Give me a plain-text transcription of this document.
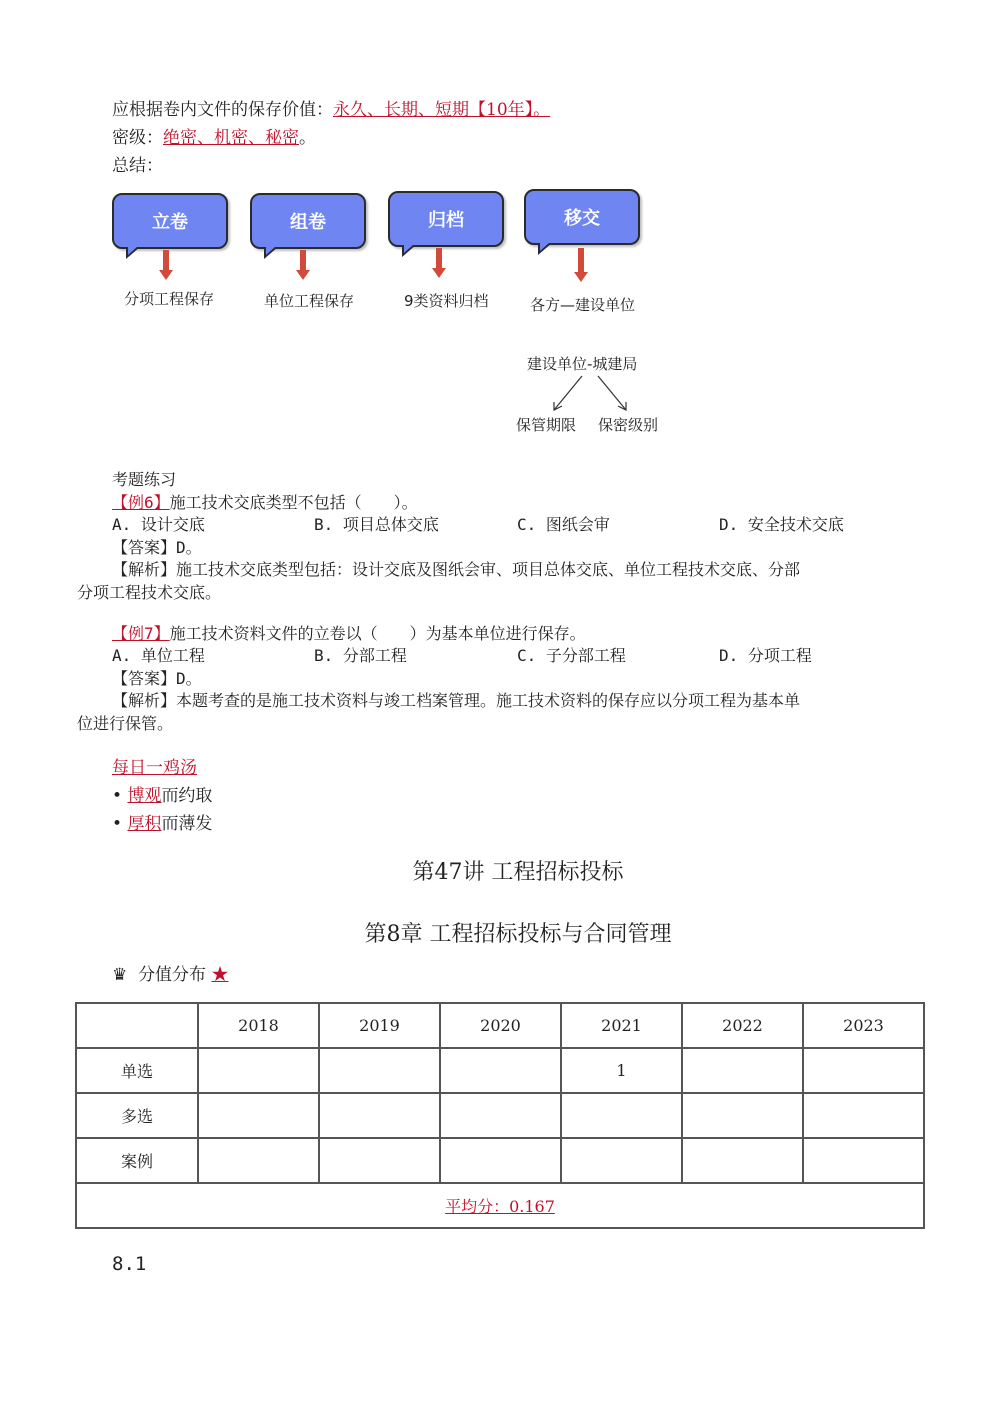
应根据卷内文件的保存价值：永久、长期、短期【10年】。
密级：绝密、机密、秘密。
总结：
立卷	组卷	归档	移交
分项工程保存	单位工程保存	9类资料归档	各方—建设单位
建设单位-城建局
保管期限 保密级别
考题练习
【例6】施工技术交底类型不包括（　　）。
A. 设计交底	B. 项目总体交底	C. 图纸会审	D. 安全技术交底
【答案】D。
【解析】施工技术交底类型包括：设计交底及图纸会审、项目总体交底、单位工程技术交底、分部
分项工程技术交底。
【例7】施工技术资料文件的立卷以（　　）为基本单位进行保存。
A. 单位工程	B. 分部工程	C. 子分部工程	D. 分项工程
【答案】D。
【解析】本题考查的是施工技术资料与竣工档案管理。施工技术资料的保存应以分项工程为基本单
位进行保管。
每日一鸡汤
• 博观而约取
• 厚积而薄发
第47讲 工程招标投标
第8章 工程招标投标与合同管理
♛ 分值分布 ★
	2018	2019	2020	2021	2022	2023
单选				1		
多选						
案例						
平均分：0.167						
8.1
